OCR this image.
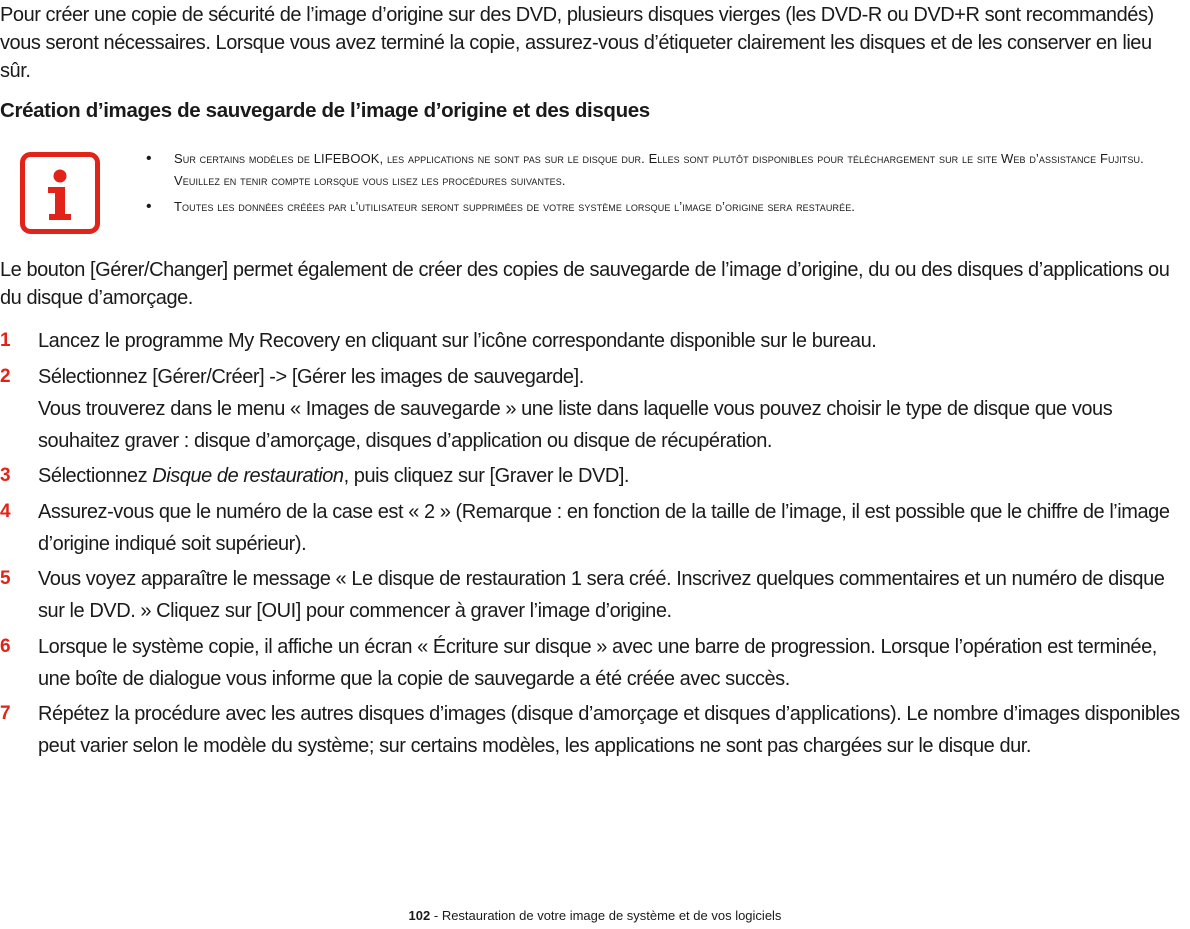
Pour créer une copie de sécurité de l’image d’origine sur des DVD, plusieurs disques vierges (les DVD-R ou DVD+R sont recommandés) vous seront nécessaires. Lorsque vous avez terminé la copie, assurez-vous d’étiqueter clairement les disques et de les conserver en lieu sûr.

Création d’images de sauvegarde de l’image d’origine et des disques
• Sur certains modèles de LIFEBOOK, les applications ne sont pas sur le disque dur. Elles sont plutôt disponibles pour téléchargement sur le site Web d’assistance Fujitsu. Veuillez en tenir compte lorsque vous lisez les procédures suivantes.
• Toutes les données créées par l’utilisateur seront supprimées de votre système lorsque l’image d’origine sera restaurée.

Le bouton [Gérer/Changer] permet également de créer des copies de sauvegarde de l’image d’origine, du ou des disques d’applications ou du disque d’amorçage.

1 Lancez le programme My Recovery en cliquant sur l’icône correspondante disponible sur le bureau.
2 Sélectionnez [Gérer/Créer] -> [Gérer les images de sauvegarde].
Vous trouverez dans le menu « Images de sauvegarde » une liste dans laquelle vous pouvez choisir le type de disque que vous souhaitez graver : disque d’amorçage, disques d’application ou disque de récupération.
3 Sélectionnez Disque de restauration, puis cliquez sur [Graver le DVD].
4 Assurez-vous que le numéro de la case est « 2 » (Remarque : en fonction de la taille de l’image, il est possible que le chiffre de l’image d’origine indiqué soit supérieur).
5 Vous voyez apparaître le message « Le disque de restauration 1 sera créé. Inscrivez quelques commentaires et un numéro de disque sur le DVD. » Cliquez sur [OUI] pour commencer à graver l’image d’origine.
6 Lorsque le système copie, il affiche un écran « Écriture sur disque » avec une barre de progression. Lorsque l’opération est terminée, une boîte de dialogue vous informe que la copie de sauvegarde a été créée avec succès.
7 Répétez la procédure avec les autres disques d’images (disque d’amorçage et disques d’applications). Le nombre d’images disponibles peut varier selon le modèle du système; sur certains modèles, les applications ne sont pas chargées sur le disque dur.
102 - Restauration de votre image de système et de vos logiciels
